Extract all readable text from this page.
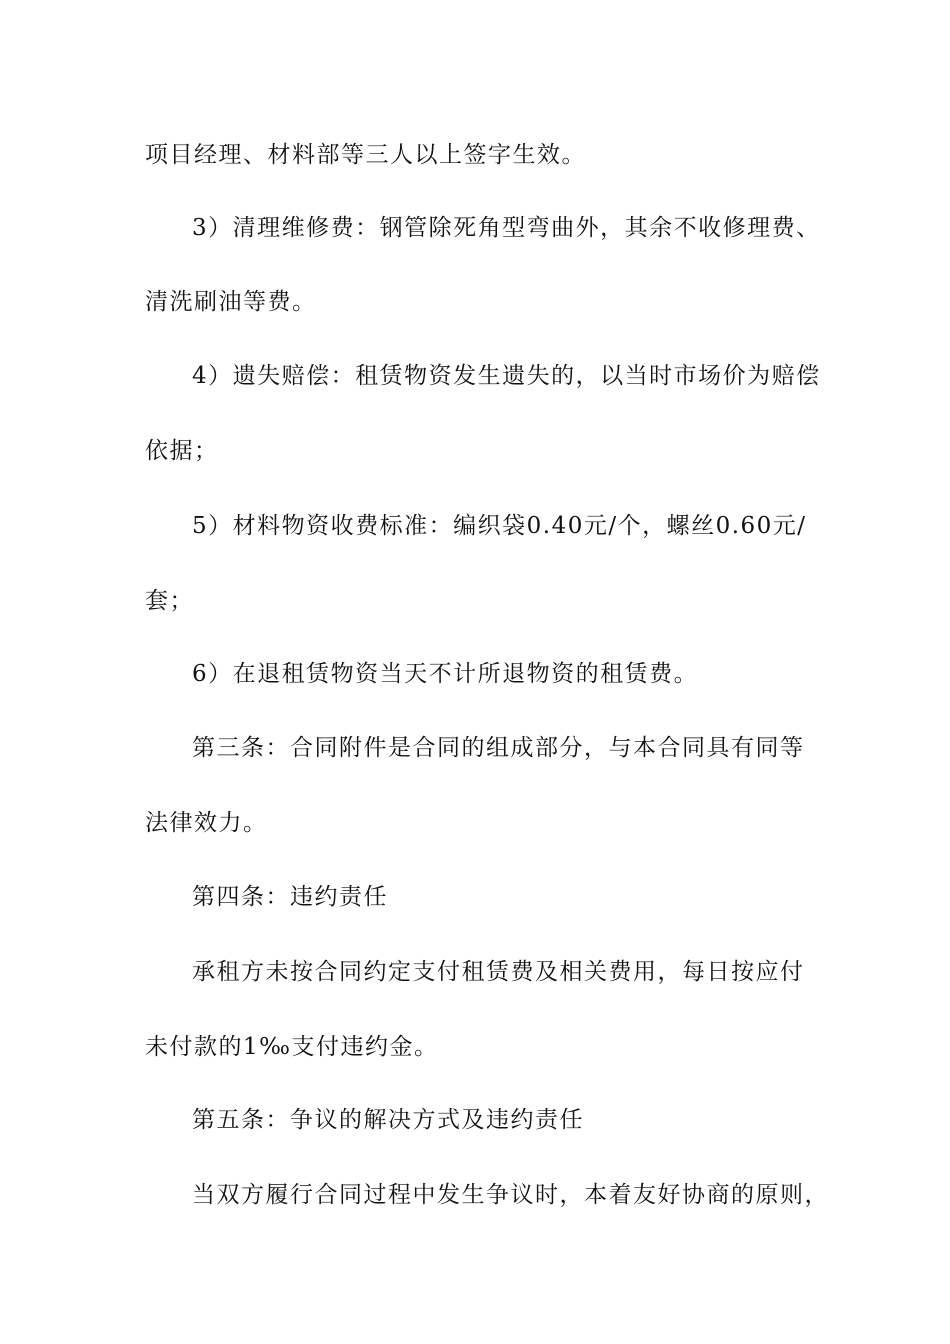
项目经理、材料部等三人以上签字生效。
3）清理维修费：钢管除死角型弯曲外，其余不收修理费、
清洗刷油等费。
4）遗失赔偿：租赁物资发生遗失的，以当时市场价为赔偿
依据；
5）材料物资收费标准：编织袋0.40元/个，螺丝0.60元/
套；
6）在退租赁物资当天不计所退物资的租赁费。
第三条：合同附件是合同的组成部分，与本合同具有同等
法律效力。
第四条：违约责任
承租方未按合同约定支付租赁费及相关费用，每日按应付
未付款的1‰支付违约金。
第五条：争议的解决方式及违约责任
当双方履行合同过程中发生争议时，本着友好协商的原则，
